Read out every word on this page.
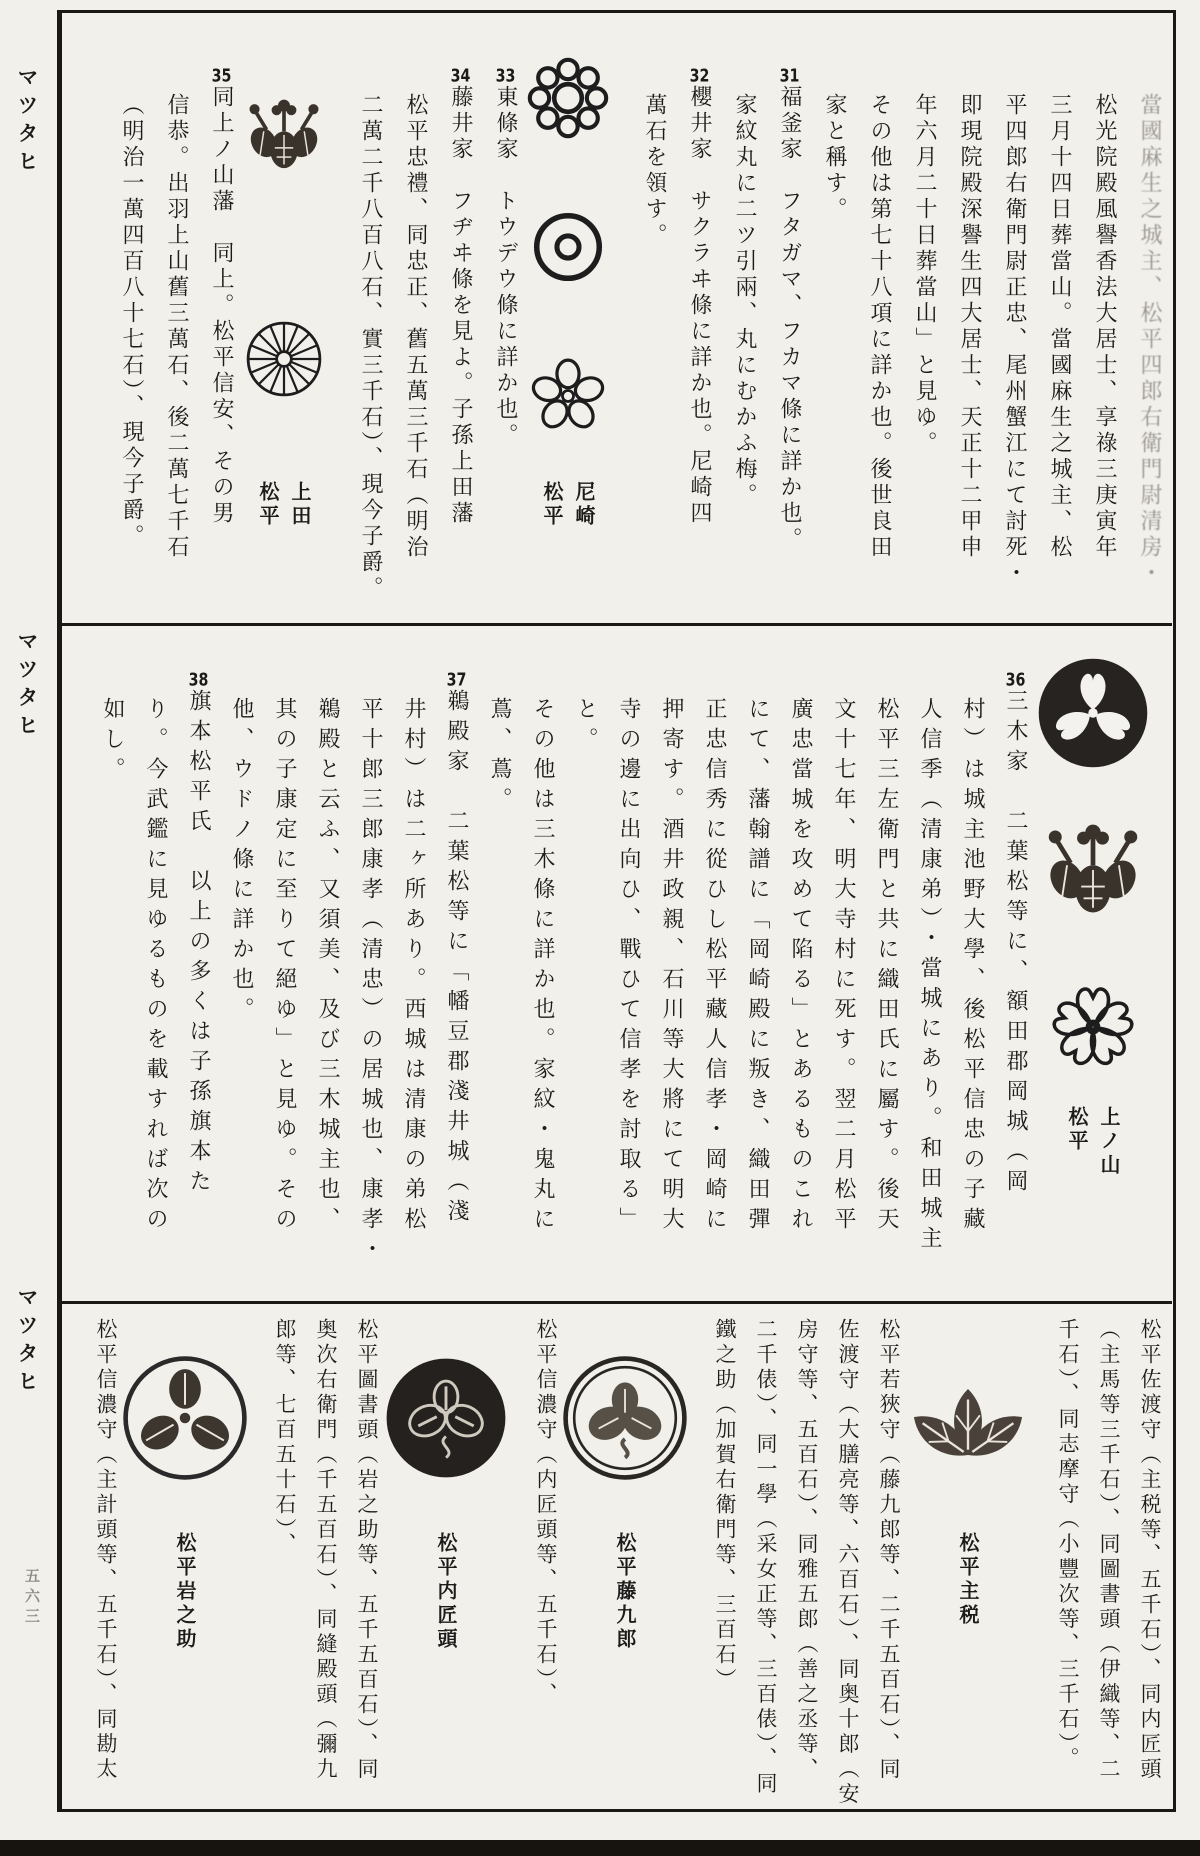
マツタヒ
マツタヒ
マツタヒ
五六三
當國麻生之城主、松平四郎右衛門尉清房・
松光院殿風譽香法大居士、享祿三庚寅年
三月十四日葬當山。當國麻生之城主、松
平四郎右衛門尉正忠、尾州蟹江にて討死・
即現院殿深譽生四大居士、天正十二甲申
年六月二十日葬當山」と見ゆ。
その他は第七十八項に詳か也。後世良田
家と稱す。
31福釜家　フタガマ、フカマ條に詳か也。
家紋丸に二ツ引兩、丸にむかふ梅。
32櫻井家　サクラヰ條に詳か也。尼崎四
萬石を領す。
尼崎
松平
33東條家　トウデウ條に詳か也。
34藤井家　フヂヰ條を見よ。子孫上田藩
松平忠禮、同忠正、舊五萬三千石（明治
二萬二千八百八石、實三千石）、現今子爵。
上田
松平
35同上ノ山藩　同上。松平信安、その男
信恭。出羽上山舊三萬石、後二萬七千石
（明治一萬四百八十七石）、現今子爵。
上ノ山
松平
36三木家　二葉松等に、額田郡岡城（岡
村）は城主池野大學、後松平信忠の子藏
人信季（清康弟）・當城にあり。和田城主
松平三左衛門と共に織田氏に屬す。後天
文十七年、明大寺村に死す。翌二月松平
廣忠當城を攻めて陷る」とあるものこれ
にて、藩翰譜に「岡崎殿に叛き、織田彈
正忠信秀に從ひし松平藏人信孝・岡崎に
押寄す。酒井政親、石川等大將にて明大
寺の邊に出向ひ、戰ひて信孝を討取る」
と。
その他は三木條に詳か也。家紋・鬼丸に
蔦、蔦。
37鵜殿家　二葉松等に「幡豆郡淺井城（淺
井村）は二ヶ所あり。西城は清康の弟松
平十郎三郎康孝（清忠）の居城也、康孝・
鵜殿と云ふ、又須美、及び三木城主也、
其の子康定に至りて絕ゆ」と見ゆ。その
他、ウドノ條に詳か也。
38旗本松平氏　以上の多くは子孫旗本た
り。今武鑑に見ゆるものを載すれば次の
如し。
松平佐渡守（主税等、五千石）、同内匠頭
（主馬等三千石）、同圖書頭（伊織等、二
千石）、同志摩守（小豐次等、三千石）。
松平主税
松平若狹守（藤九郎等、二千五百石）、同
佐渡守（大膳亮等、六百石）、同奥十郎（安
房守等、五百石）、同雅五郎（善之丞等、
二千俵）、同一學（采女正等、三百俵）、同
鐵之助（加賀右衛門等、三百石）
松平藤九郎
松平信濃守（内匠頭等、五千石）、
松平内匠頭
松平圖書頭（岩之助等、五千五百石）、同
奥次右衛門（千五百石）、同縫殿頭（彌九
郎等、七百五十石）、
松平岩之助
松平信濃守（主計頭等、五千石）、同勘太
